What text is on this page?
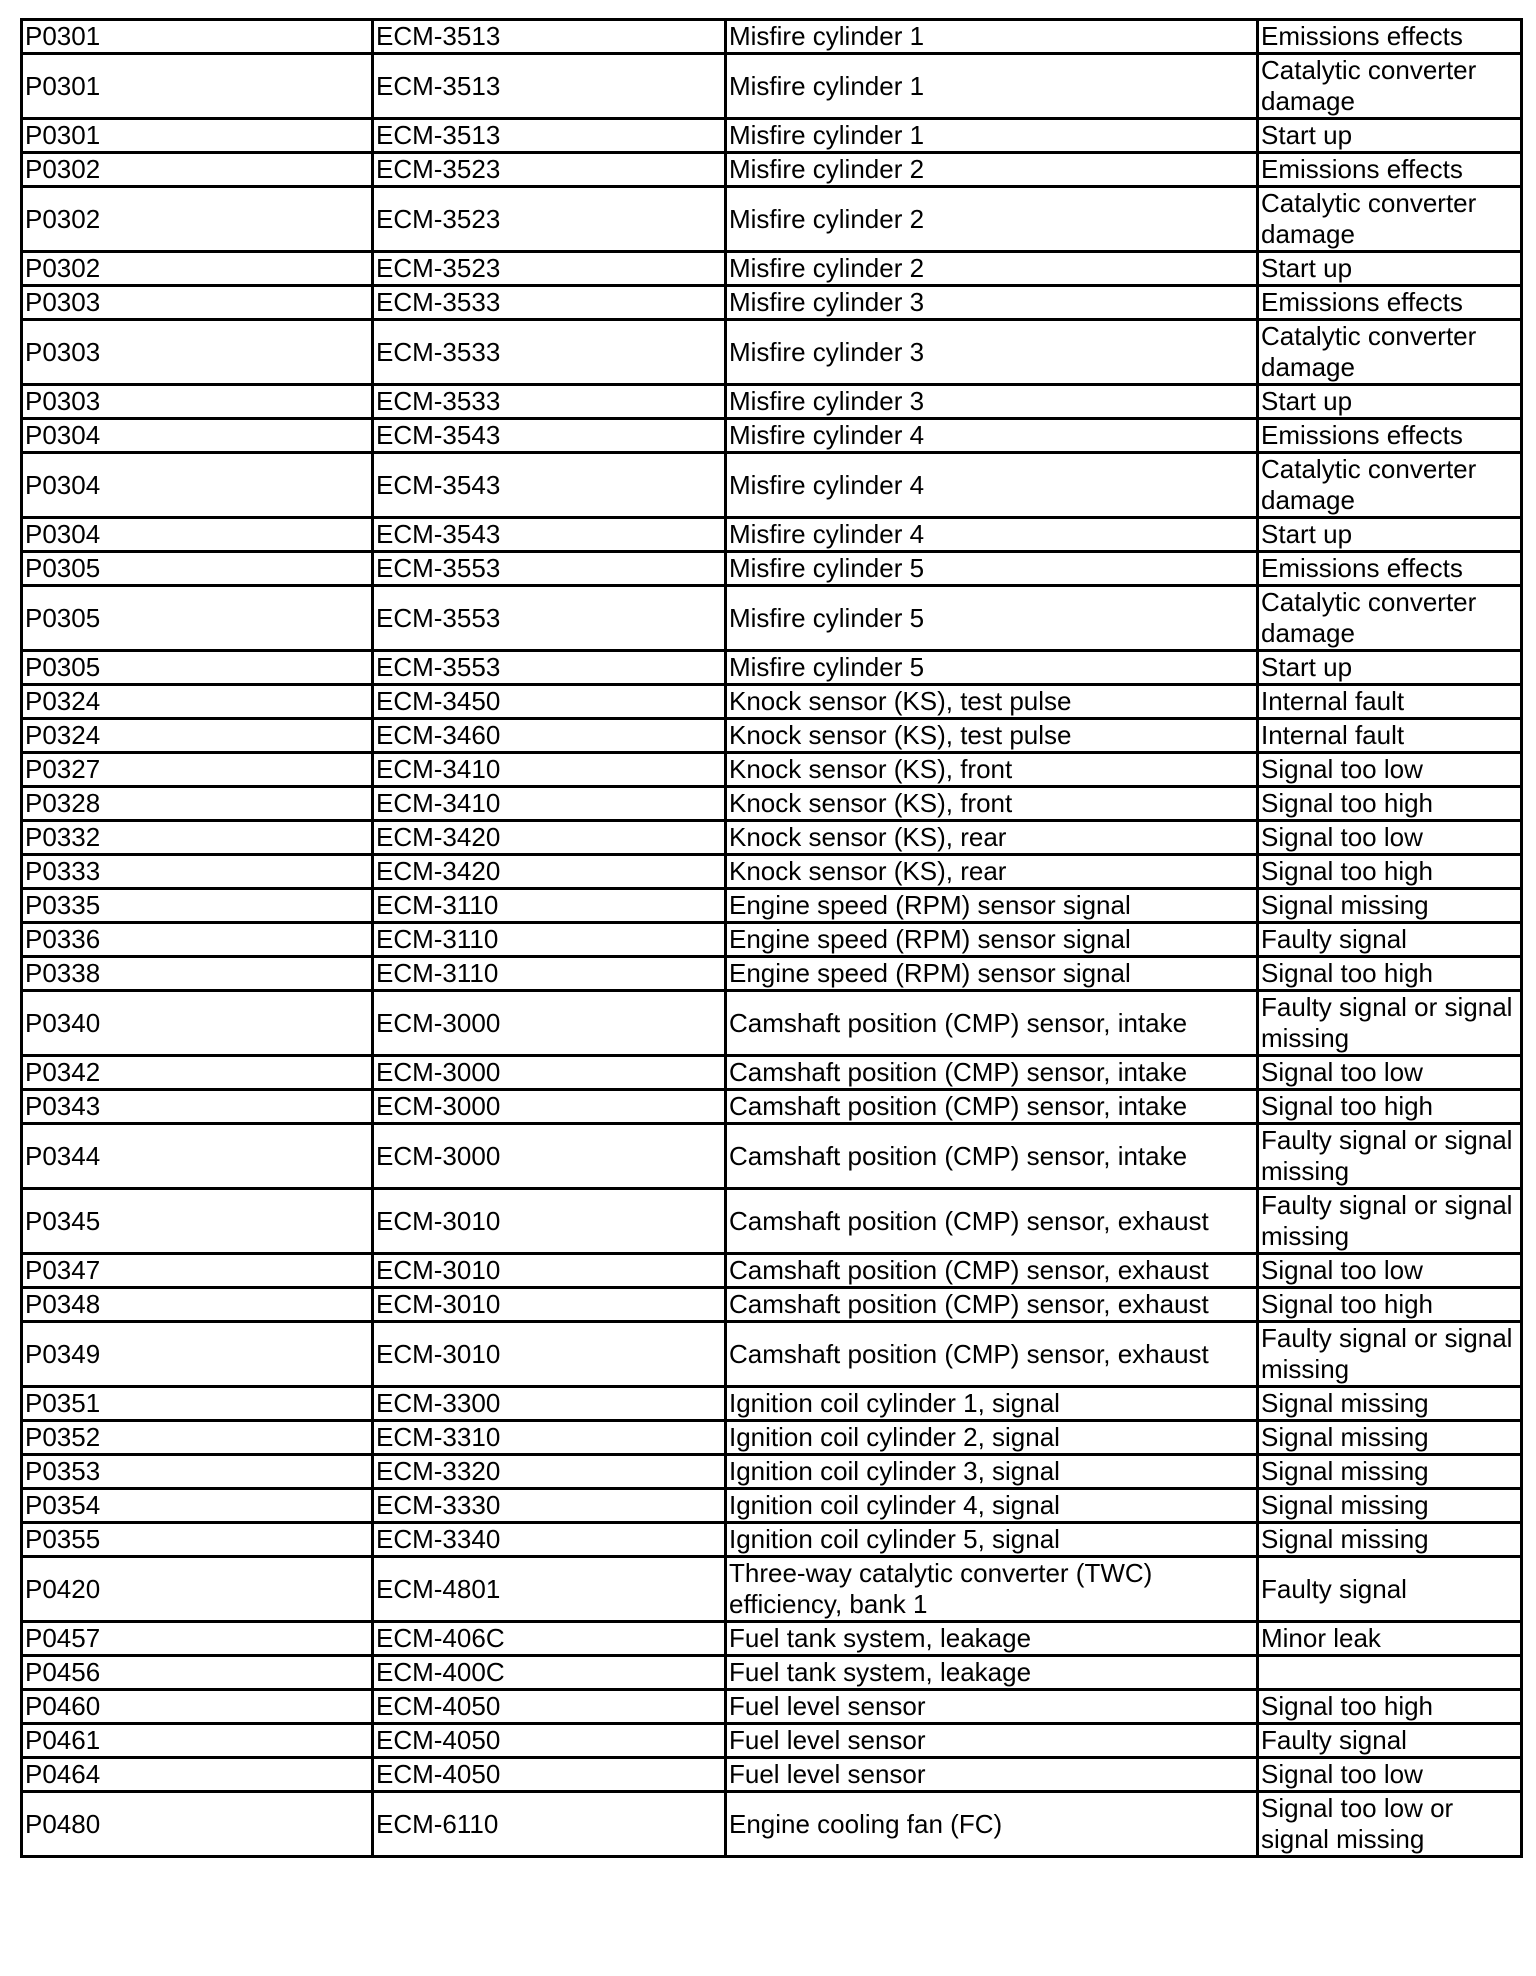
P0301	ECM-3513	Misfire cylinder 1	Emissions effects
P0301	ECM-3513	Misfire cylinder 1	Catalytic converter damage
P0301	ECM-3513	Misfire cylinder 1	Start up
P0302	ECM-3523	Misfire cylinder 2	Emissions effects
P0302	ECM-3523	Misfire cylinder 2	Catalytic converter damage
P0302	ECM-3523	Misfire cylinder 2	Start up
P0303	ECM-3533	Misfire cylinder 3	Emissions effects
P0303	ECM-3533	Misfire cylinder 3	Catalytic converter damage
P0303	ECM-3533	Misfire cylinder 3	Start up
P0304	ECM-3543	Misfire cylinder 4	Emissions effects
P0304	ECM-3543	Misfire cylinder 4	Catalytic converter damage
P0304	ECM-3543	Misfire cylinder 4	Start up
P0305	ECM-3553	Misfire cylinder 5	Emissions effects
P0305	ECM-3553	Misfire cylinder 5	Catalytic converter damage
P0305	ECM-3553	Misfire cylinder 5	Start up
P0324	ECM-3450	Knock sensor (KS), test pulse	Internal fault
P0324	ECM-3460	Knock sensor (KS), test pulse	Internal fault
P0327	ECM-3410	Knock sensor (KS), front	Signal too low
P0328	ECM-3410	Knock sensor (KS), front	Signal too high
P0332	ECM-3420	Knock sensor (KS), rear	Signal too low
P0333	ECM-3420	Knock sensor (KS), rear	Signal too high
P0335	ECM-3110	Engine speed (RPM) sensor signal	Signal missing
P0336	ECM-3110	Engine speed (RPM) sensor signal	Faulty signal
P0338	ECM-3110	Engine speed (RPM) sensor signal	Signal too high
P0340	ECM-3000	Camshaft position (CMP) sensor, intake	Faulty signal or signal missing
P0342	ECM-3000	Camshaft position (CMP) sensor, intake	Signal too low
P0343	ECM-3000	Camshaft position (CMP) sensor, intake	Signal too high
P0344	ECM-3000	Camshaft position (CMP) sensor, intake	Faulty signal or signal missing
P0345	ECM-3010	Camshaft position (CMP) sensor, exhaust	Faulty signal or signal missing
P0347	ECM-3010	Camshaft position (CMP) sensor, exhaust	Signal too low
P0348	ECM-3010	Camshaft position (CMP) sensor, exhaust	Signal too high
P0349	ECM-3010	Camshaft position (CMP) sensor, exhaust	Faulty signal or signal missing
P0351	ECM-3300	Ignition coil cylinder 1, signal	Signal missing
P0352	ECM-3310	Ignition coil cylinder 2, signal	Signal missing
P0353	ECM-3320	Ignition coil cylinder 3, signal	Signal missing
P0354	ECM-3330	Ignition coil cylinder 4, signal	Signal missing
P0355	ECM-3340	Ignition coil cylinder 5, signal	Signal missing
P0420	ECM-4801	Three-way catalytic converter (TWC) efficiency, bank 1	Faulty signal
P0457	ECM-406C	Fuel tank system, leakage	Minor leak
P0456	ECM-400C	Fuel tank system, leakage	
P0460	ECM-4050	Fuel level sensor	Signal too high
P0461	ECM-4050	Fuel level sensor	Faulty signal
P0464	ECM-4050	Fuel level sensor	Signal too low
P0480	ECM-6110	Engine cooling fan (FC)	Signal too low or signal missing
